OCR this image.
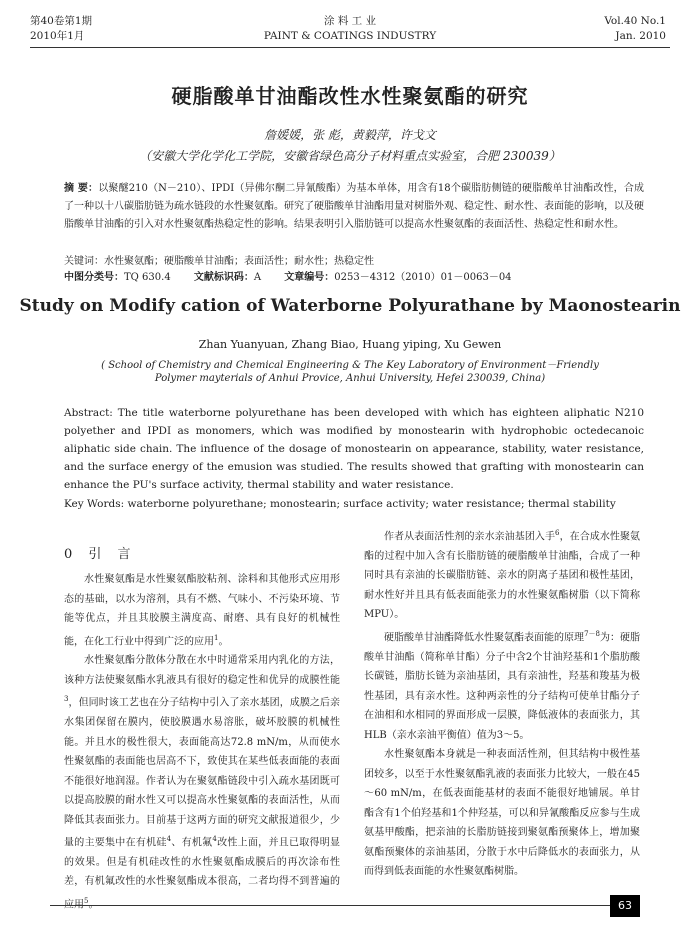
第40卷第1期
2010年1月
涂 料 工 业
PAINT & COATINGS INDUSTRY
Vol.40 No.1
Jan. 2010
硬脂酸单甘油酯改性水性聚氨酯的研究
詹媛媛，张 彪，黄毅萍，许戈文
（安徽大学化学化工学院，安徽省绿色高分子材料重点实验室，合肥 230039）
摘 要：以聚醚210（N－210）、IPDI（异佛尔酮二异氰酸酯）为基本单体，用含有18个碳脂肪侧链的硬脂酸单甘油酯改性，合成了一种以十八碳脂肪链为疏水链段的水性聚氨酯。研究了硬脂酸单甘油酯用量对树脂外观、稳定性、耐水性、表面能的影响，以及硬脂酸单甘油酯的引入对水性聚氨酯热稳定性的影响。结果表明引入脂肪链可以提高水性聚氨酯的表面活性、热稳定性和耐水性。
关键词：水性聚氨酯；硬脂酸单甘油酯；表面活性；耐水性；热稳定性
中图分类号：TQ 630.4 文献标识码：A 文章编号：0253－4312（2010）01－0063－04
Study on Modify cation of Waterborne Polyurathane by Maonostearin
Zhan Yuanyuan, Zhang Biao, Huang yiping, Xu Gewen
( School of Chemistry and Chemical Engineering & The Key Laboratory of Environment－Friendly
Polymer mayterials of Anhui Provice, Anhui University, Hefei 230039, China)
Abstract: The title waterborne polyurethane has been developed with which has eighteen aliphatic N210 polyether and IPDI as monomers, which was modified by monostearin with hydrophobic octedecanoic aliphatic side chain. The influence of the dosage of monostearin on appearance, stability, water resistance, and the surface energy of the emusion was studied. The results showed that grafting with monostearin can enhance the PU's surface activity, thermal stability and water resistance.
Key Words: waterborne polyurethane; monostearin; surface activity; water resistance; thermal stability
0 引 言

水性聚氨酯是水性聚氨酯胶粘剂、涂料和其他形式应用形态的基础，以水为溶剂，具有不燃、气味小、不污染环境、节能等优点，并且其胶膜主满度高、耐磨、具有良好的机械性能，在化工行业中得到广泛的应用$^1$。

水性聚氨酯分散体分散在水中时通常采用内乳化的方法，该种方法使聚氨酯水乳液具有很好的稳定性和优异的成膜性能$^3$，但同时该工艺也在分子结构中引入了亲水基团，成膜之后亲水集团保留在膜内，使胶膜遇水易溶胀，破坏胶膜的机械性能。并且水的极性很大，表面能高达72.8 mN/m，从而使水性聚氨酯的表面能也居高不下，致使其在某些低表面能的表面不能很好地润湿。作者认为在聚氨酯链段中引入疏水基团既可以提高胶膜的耐水性又可以提高水性聚氨酯的表面活性，从而降低其表面张力。目前基于这两方面的研究文献报道很少，少量的主要集中在有机硅$^4$、有机氟$^4$改性上面，并且已取得明显的效果。但是有机硅改性的水性聚氨酯成膜后的再次涂布性差，有机氟改性的水性聚氨酯成本很高，二者均得不到普遍的应用$^5$。

作者从表面活性剂的亲水亲油基团入手$^6$，在合成水性聚氨酯的过程中加入含有长脂肪链的硬脂酸单甘油酯，合成了一种同时具有亲油的长碳脂肪链、亲水的阴离子基团和极性基团，耐水性好并且具有低表面能张力的水性聚氨酯树脂（以下简称MPU）。

硬脂酸单甘油酯降低水性聚氨酯表面能的原理$^{7-8}$为：硬脂酸单甘油酯（简称单甘酯）分子中含2个甘油羟基和1个脂肪酸长碳链，脂肪长链为亲油基团，具有亲油性，羟基和羧基为极性基团，具有亲水性。这种两亲性的分子结构可使单甘酯分子在油相和水相同的界面形成一层膜，降低液体的表面张力，其HLB（亲水亲油平衡值）值为3～5。

水性聚氨酯本身就是一种表面活性剂，但其结构中极性基团较多，以至于水性聚氨酯乳液的表面张力比较大，一般在45～60 mN/m，在低表面能基材的表面不能很好地铺展。单甘酯含有1个伯羟基和1个仲羟基，可以和异氰酸酯反应参与生成氨基甲酸酯，把亲油的长脂肪链接到聚氨酯预聚体上，增加聚氨酯预聚体的亲油基团，分散于水中后降低水的表面张力，从而得到低表面能的水性聚氨酯树脂。

63
